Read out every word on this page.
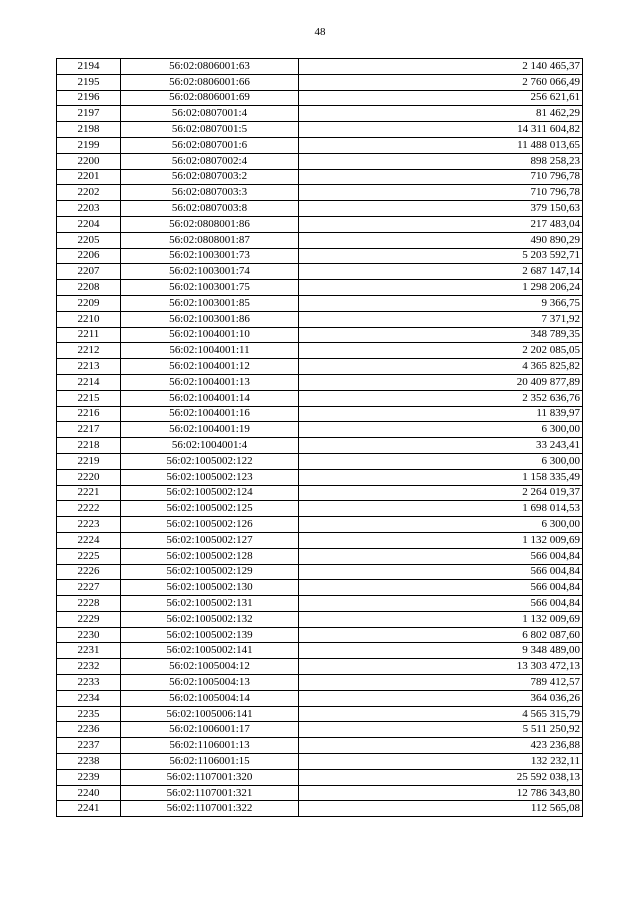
48
2194	56:02:0806001:63	2 140 465,37
2195	56:02:0806001:66	2 760 066,49
2196	56:02:0806001:69	256 621,61
2197	56:02:0807001:4	81 462,29
2198	56:02:0807001:5	14 311 604,82
2199	56:02:0807001:6	11 488 013,65
2200	56:02:0807002:4	898 258,23
2201	56:02:0807003:2	710 796,78
2202	56:02:0807003:3	710 796,78
2203	56:02:0807003:8	379 150,63
2204	56:02:0808001:86	217 483,04
2205	56:02:0808001:87	490 890,29
2206	56:02:1003001:73	5 203 592,71
2207	56:02:1003001:74	2 687 147,14
2208	56:02:1003001:75	1 298 206,24
2209	56:02:1003001:85	9 366,75
2210	56:02:1003001:86	7 371,92
2211	56:02:1004001:10	348 789,35
2212	56:02:1004001:11	2 202 085,05
2213	56:02:1004001:12	4 365 825,82
2214	56:02:1004001:13	20 409 877,89
2215	56:02:1004001:14	2 352 636,76
2216	56:02:1004001:16	11 839,97
2217	56:02:1004001:19	6 300,00
2218	56:02:1004001:4	33 243,41
2219	56:02:1005002:122	6 300,00
2220	56:02:1005002:123	1 158 335,49
2221	56:02:1005002:124	2 264 019,37
2222	56:02:1005002:125	1 698 014,53
2223	56:02:1005002:126	6 300,00
2224	56:02:1005002:127	1 132 009,69
2225	56:02:1005002:128	566 004,84
2226	56:02:1005002:129	566 004,84
2227	56:02:1005002:130	566 004,84
2228	56:02:1005002:131	566 004,84
2229	56:02:1005002:132	1 132 009,69
2230	56:02:1005002:139	6 802 087,60
2231	56:02:1005002:141	9 348 489,00
2232	56:02:1005004:12	13 303 472,13
2233	56:02:1005004:13	789 412,57
2234	56:02:1005004:14	364 036,26
2235	56:02:1005006:141	4 565 315,79
2236	56:02:1006001:17	5 511 250,92
2237	56:02:1106001:13	423 236,88
2238	56:02:1106001:15	132 232,11
2239	56:02:1107001:320	25 592 038,13
2240	56:02:1107001:321	12 786 343,80
2241	56:02:1107001:322	112 565,08
